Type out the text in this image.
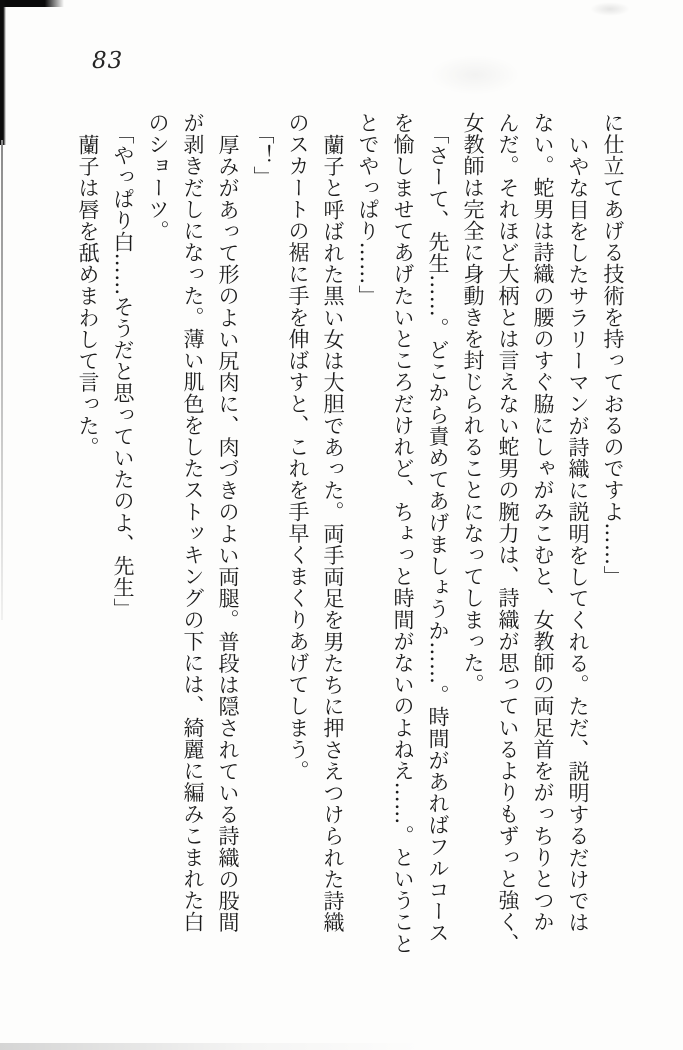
83
に仕立てあげる技術を持っておるのですよ……」
いやな目をしたサラリーマンが詩織に説明をしてくれる。ただ、説明するだけでは
ない。蛇男は詩織の腰のすぐ脇にしゃがみこむと、女教師の両足首をがっちりとつか
んだ。それほど大柄とは言えない蛇男の腕力は、詩織が思っているよりもずっと強く、
女教師は完全に身動きを封じられることになってしまった。
「さーて、先生……。どこから責めてあげましょうか……。時間があればフルコース
を愉しませてあげたいところだけれど、ちょっと時間がないのよねえ……。ということ
とでやっぱり……」
蘭子と呼ばれた黒い女は大胆であった。両手両足を男たちに押さえつけられた詩織
のスカートの裾に手を伸ばすと、これを手早くまくりあげてしまう。
「！」
厚みがあって形のよい尻肉に、肉づきのよい両腿。普段は隠されている詩織の股間
が剥きだしになった。薄い肌色をしたストッキングの下には、綺麗に編みこまれた白
のショーツ。
「やっぱり白……そうだと思っていたのよ、先生」
蘭子は唇を舐めまわして言った。
